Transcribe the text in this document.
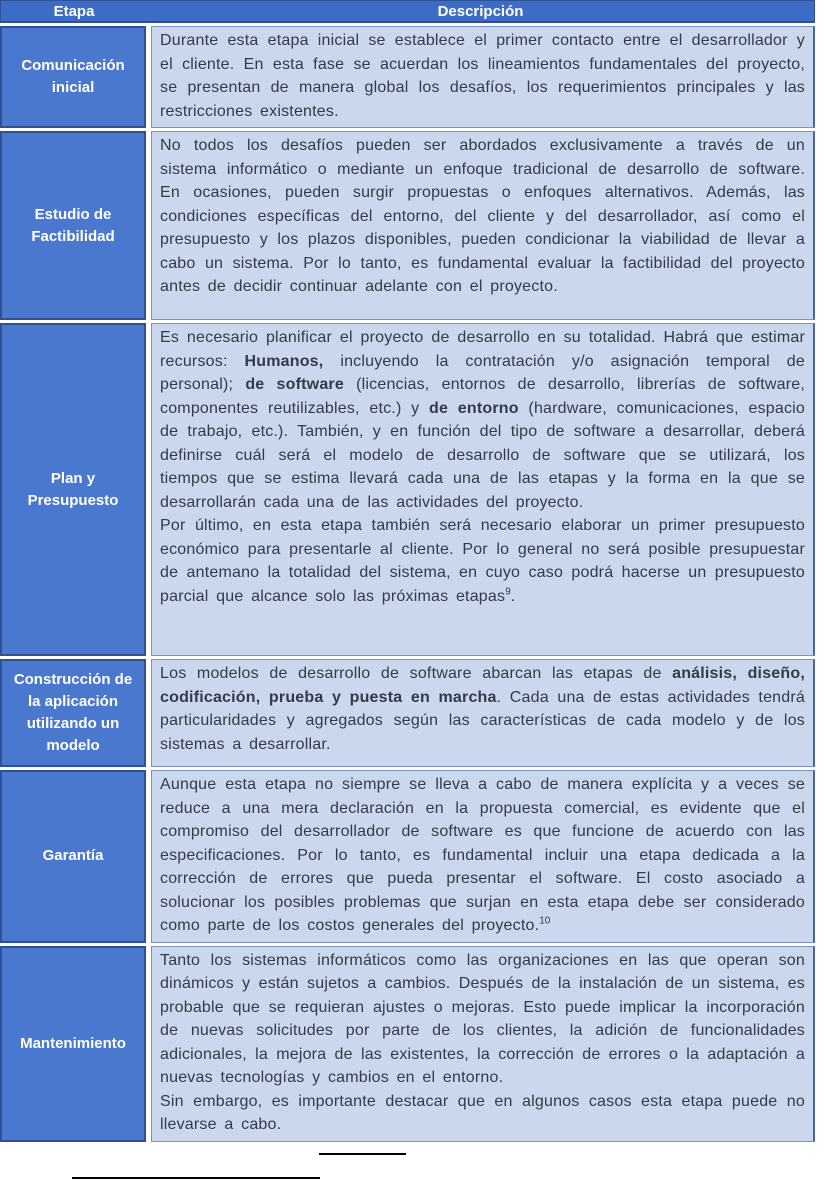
Etapa	Descripción
Comunicación inicial
Durante esta etapa inicial se establece el primer contacto entre el desarrollador y el cliente. En esta fase se acuerdan los lineamientos fundamentales del proyecto, se presentan de manera global los desafíos, los requerimientos principales y las restricciones existentes.
Estudio de Factibilidad
No todos los desafíos pueden ser abordados exclusivamente a través de un sistema informático o mediante un enfoque tradicional de desarrollo de software. En ocasiones, pueden surgir propuestas o enfoques alternativos. Además, las condiciones específicas del entorno, del cliente y del desarrollador, así como el presupuesto y los plazos disponibles, pueden condicionar la viabilidad de llevar a cabo un sistema. Por lo tanto, es fundamental evaluar la factibilidad del proyecto antes de decidir continuar adelante con el proyecto.
Plan y Presupuesto
Es necesario planificar el proyecto de desarrollo en su totalidad. Habrá que estimar recursos: Humanos, incluyendo la contratación y/o asignación temporal de personal); de software (licencias, entornos de desarrollo, librerías de software, componentes reutilizables, etc.) y de entorno (hardware, comunicaciones, espacio de trabajo, etc.). También, y en función del tipo de software a desarrollar, deberá definirse cuál será el modelo de desarrollo de software que se utilizará, los tiempos que se estima llevará cada una de las etapas y la forma en la que se desarrollarán cada una de las actividades del proyecto.
Por último, en esta etapa también será necesario elaborar un primer presupuesto económico para presentarle al cliente. Por lo general no será posible presupuestar de antemano la totalidad del sistema, en cuyo caso podrá hacerse un presupuesto parcial que alcance solo las próximas etapas$^9$.
Construcción de la aplicación utilizando un modelo
Los modelos de desarrollo de software abarcan las etapas de análisis, diseño, codificación, prueba y puesta en marcha. Cada una de estas actividades tendrá particularidades y agregados según las características de cada modelo y de los sistemas a desarrollar.
Garantía
Aunque esta etapa no siempre se lleva a cabo de manera explícita y a veces se reduce a una mera declaración en la propuesta comercial, es evidente que el compromiso del desarrollador de software es que funcione de acuerdo con las especificaciones. Por lo tanto, es fundamental incluir una etapa dedicada a la corrección de errores que pueda presentar el software. El costo asociado a solucionar los posibles problemas que surjan en esta etapa debe ser considerado como parte de los costos generales del proyecto.$^{10}$
Mantenimiento
Tanto los sistemas informáticos como las organizaciones en las que operan son dinámicos y están sujetos a cambios. Después de la instalación de un sistema, es probable que se requieran ajustes o mejoras. Esto puede implicar la incorporación de nuevas solicitudes por parte de los clientes, la adición de funcionalidades adicionales, la mejora de las existentes, la corrección de errores o la adaptación a nuevas tecnologías y cambios en el entorno.
Sin embargo, es importante destacar que en algunos casos esta etapa puede no llevarse a cabo.
